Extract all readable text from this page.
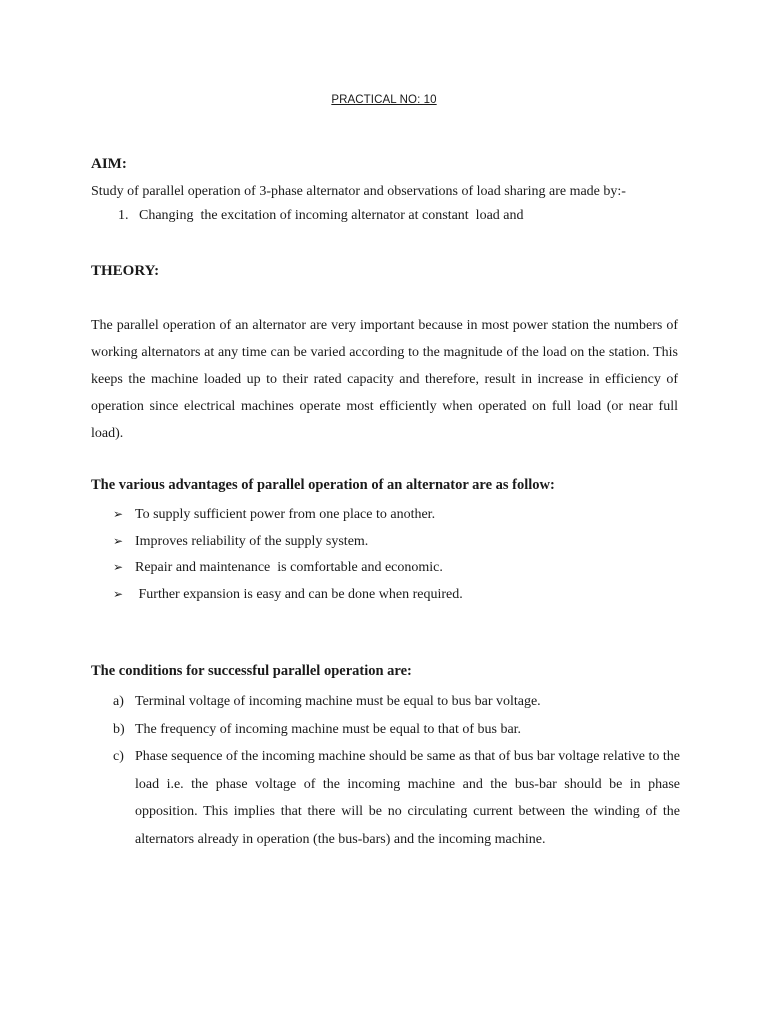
PRACTICAL NO: 10
AIM:
Study of parallel operation of 3-phase alternator and observations of load sharing are made by:-
1. Changing  the excitation of incoming alternator at constant  load and
THEORY:
The parallel operation of an alternator are very important because in most power station the numbers of working alternators at any time can be varied according to the magnitude of the load on the station. This keeps the machine loaded up to their rated capacity and therefore, result in increase in efficiency of operation since electrical machines operate most efficiently when operated on full load (or near full load).
The various advantages of parallel operation of an alternator are as follow:
➢ To supply sufficient power from one place to another.
➢ Improves reliability of the supply system.
➢ Repair and maintenance  is comfortable and economic.
➢ Further expansion is easy and can be done when required.
The conditions for successful parallel operation are:
a) Terminal voltage of incoming machine must be equal to bus bar voltage.
b) The frequency of incoming machine must be equal to that of bus bar.
c) Phase sequence of the incoming machine should be same as that of bus bar voltage relative to the load i.e. the phase voltage of the incoming machine and the bus-bar should be in phase opposition. This implies that there will be no circulating current between the winding of the alternators already in operation (the bus-bars) and the incoming machine.
